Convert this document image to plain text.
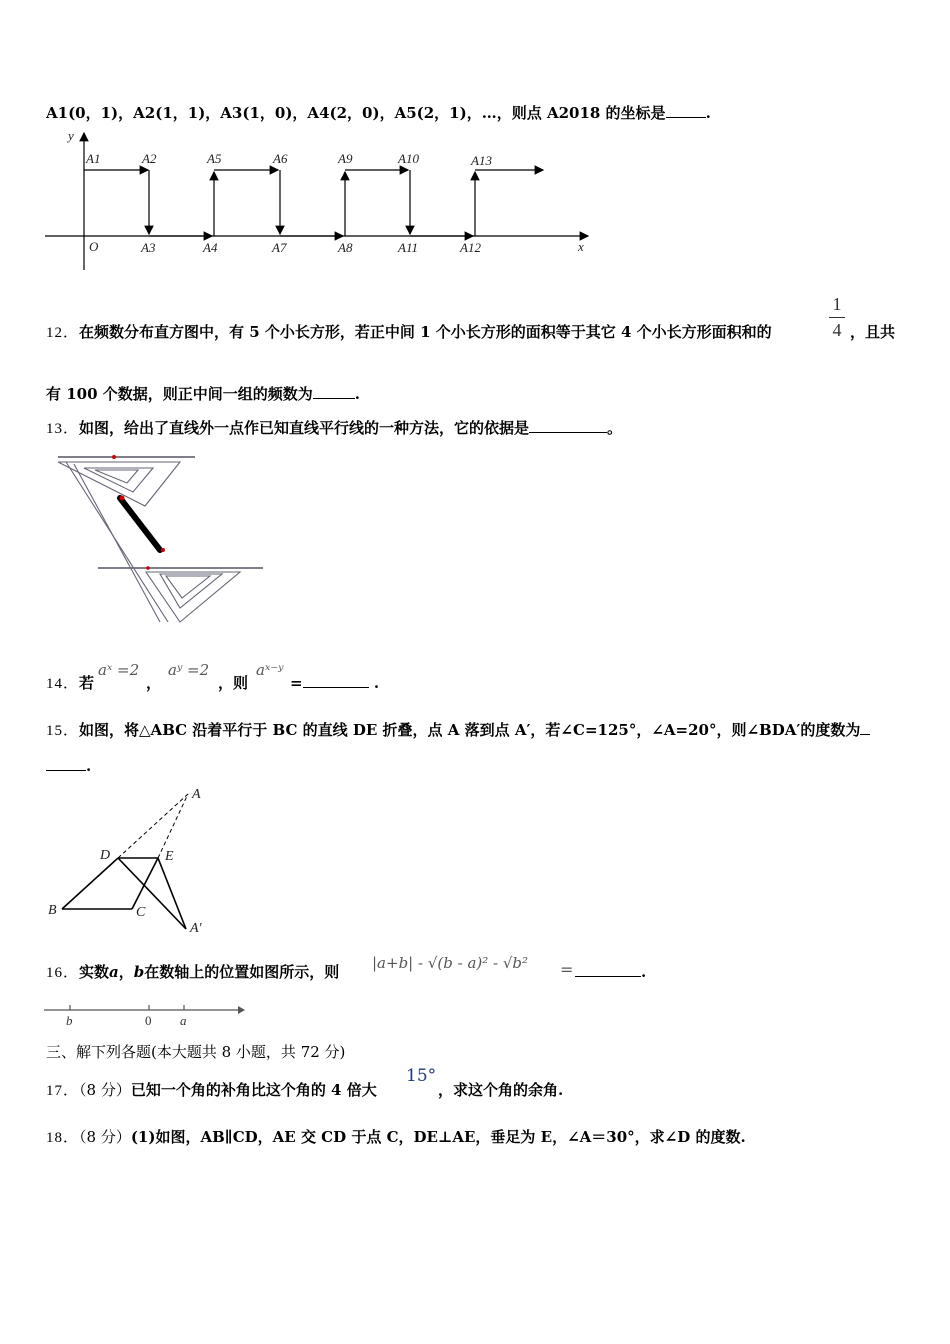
A1(0，1)，A2(1，1)，A3(1，0)，A4(2，0)，A5(2，1)，…，则点 A2018 的坐标是	.
y
x
O
A1	A2	A5	A6	A9	A10	A13
A3	A4	A7	A8	A11	A12
12．在频数分布直方图中，有 5 个小长方形，若正中间 1 个小长方形的面积等于其它 4 个小长方形面积和的
1
4 ，且共
有 100 个数据，则正中间一组的频数为	.
13．如图，给出了直线外一点作已知直线平行线的一种方法，它的依据是	。
14．若
aˣ =2
，
aʸ =2
，则
aˣ⁻ʸ
=	.
15．如图，将△ABC 沿着平行于 BC 的直线 DE 折叠，点 A 落到点 A′，若∠C=125°，∠A=20°，则∠BDA′的度数为
.
A
D	E
B	C
A′
16．实数a，b在数轴上的位置如图所示，则 |a+b| - √(b - a)² - √b² =	.
b	0 a
三、解下列各题(本大题共 8 小题，共 72 分)
17．（8 分）已知一个角的补角比这个角的 4 倍大
15°
，求这个角的余角.
18．（8 分）(1)如图，AB∥CD，AE 交 CD 于点 C，DE⊥AE，垂足为 E，∠A＝30°，求∠D 的度数.
